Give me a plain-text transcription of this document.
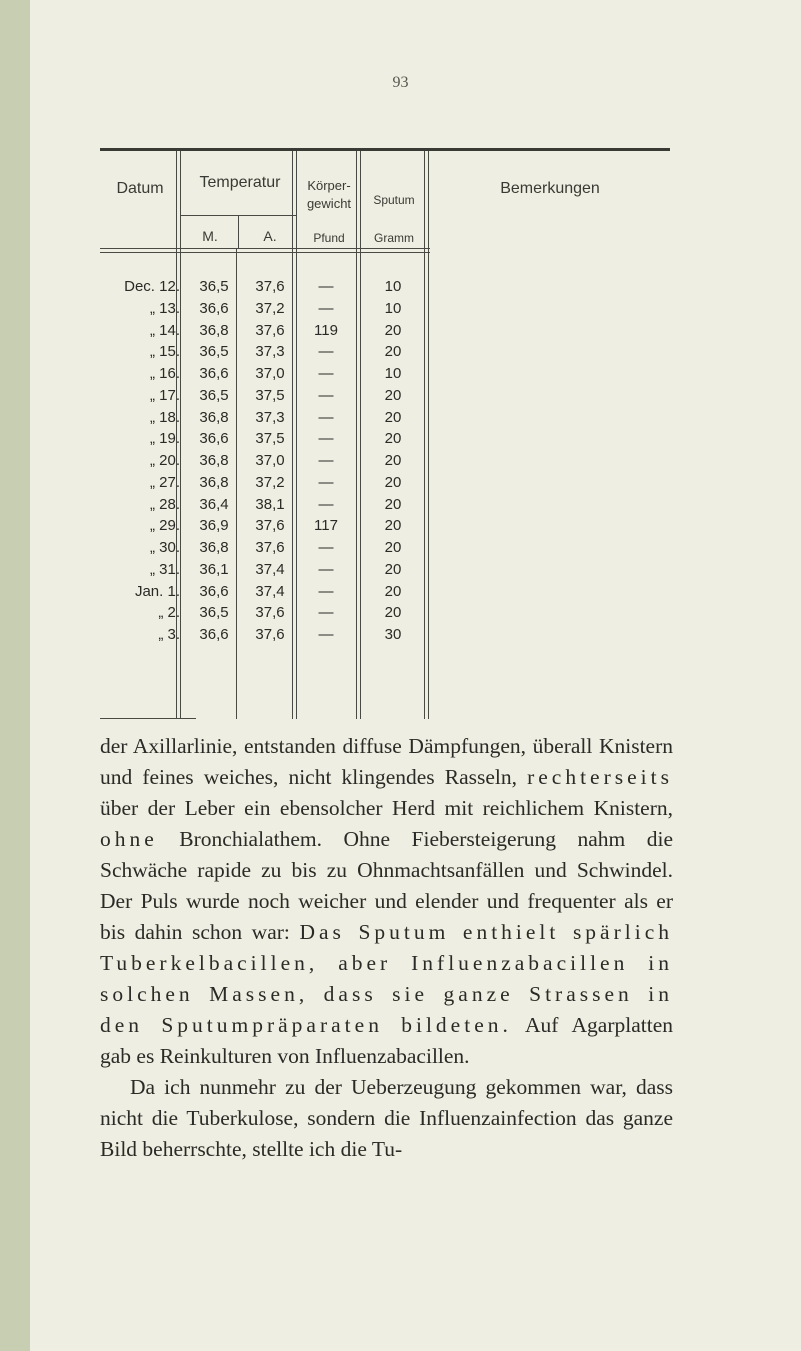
93
Datum	Temperatur
M.	A.
Körper-
gewicht
Pfund
Sputum
Gramm
Bemerkungen
Dec. 12.	36,5	37,6	—	10
„ 13.	36,6	37,2	—	10
„ 14.	36,8	37,6	119	20
„ 15.	36,5	37,3	—	20
„ 16.	36,6	37,0	—	10
„ 17.	36,5	37,5	—	20
„ 18.	36,8	37,3	—	20
„ 19.	36,6	37,5	—	20
„ 20.	36,8	37,0	—	20
„ 27.	36,8	37,2	—	20
„ 28.	36,4	38,1	—	20
„ 29.	36,9	37,6	117	20
„ 30.	36,8	37,6	—	20
„ 31.	36,1	37,4	—	20
Jan. 1.	36,6	37,4	—	20
„ 2.	36,5	37,6	—	20
„ 3.	36,6	37,6	—	30

der Axillarlinie, entstanden diffuse Dämpfungen, überall Knistern und feines weiches, nicht klingendes Rasseln, rechterseits über der Leber ein ebensolcher Herd mit reichlichem Knistern, ohne Bronchialathem. Ohne Fiebersteigerung nahm die Schwäche rapide zu bis zu Ohnmachtsanfällen und Schwindel. Der Puls wurde noch weicher und elender und frequenter als er bis dahin schon war: Das Sputum enthielt spärlich Tuberkelbacillen, aber Influenzabacillen in solchen Massen, dass sie ganze Strassen in den Sputumpräparaten bildeten. Auf Agarplatten gab es Reinkulturen von Influenzabacillen.

Da ich nunmehr zu der Ueberzeugung gekommen war, dass nicht die Tuberkulose, sondern die Influenzainfection das ganze Bild beherrschte, stellte ich die Tu-
